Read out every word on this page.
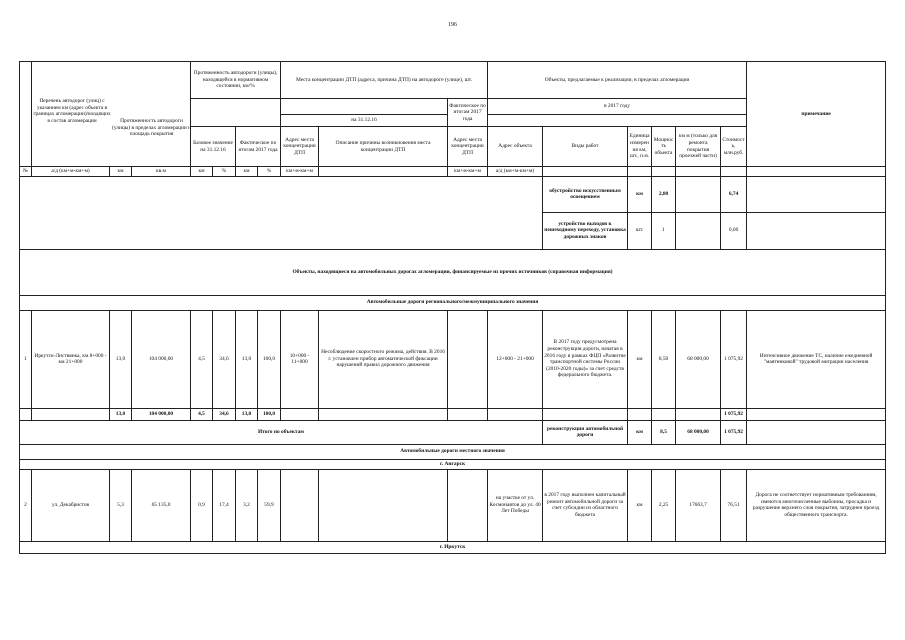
196
				Протяженность автодороги (улицы), находящейся в нормативном состоянии, км/%				Места концентрации ДТП (адреса, причина ДТП) на автодороге (улице), шт.			Объекты, предлагаемые к реализации, в пределах агломерации						примечание
										Фактическое по итогам 2017 года	в 2017 году						
								на 31.12.16									
				Базовое значение на 31.12.16		Фактическое по итогам 2017 года		Адрес места концентрации ДТП	Описание причины возникновения места концентрации ДТП	Адрес места концентрации ДТП	Адрес объекта	Виды работ	Единица измерения км, шт., п.м.	Мощность объекта	км м (только для ремонта покрытия проезжей части)	Стоимость, млн.руб.	
№	а/д (км+м-км+м)	км	кв.м	км	%	км	%	км+м-км+м		км+м-км+м	а/д (км+м-км+м)						
												обустройство искусственным освещением	км	2,80		6,74	
												устройство выходов к пешеходному переходу, установка дорожных знаков	шт.	1		0,00	
Объекты, находящиеся на автомобильных дорогах агломерации, финансируемые из прочих источников (справочная информация)																	
Автомобильные дороги регионального/межмуниципального значения																	
1	Иркутск-Листвянка, км 8+000 - км 21+000	13,0	104 000,00	4,5	34,6	13,0	100,0	10+000 - 11+000	Несоблюдение скоростного режима, действия. В 2016 г. установлен прибор автоматической фиксации нарушений правил дорожного движения		12+000 - 21+000	В 2017 году предусмотрена реконструкция дороги, начатая в 2016 году в рамках ФЦП «Развитие транспортной системы России (2010-2020 годы)» за счет средств федерального бюджета.	км	8,50	68 000,00	1 075,92	Интенсивное движение ТС, наличие ежедневной "маятниковой" трудовой миграции населения
		13,0	104 000,00	4,5	34,6	13,0	100,0									1 075,92	
Итого по объектам												реконструкция автомобильной дороги	км	8,5	68 000,00	1 075,92	
Автомобильные дороги местного значения																	
г. Ангарск																	
2	ул. Декабристов	5,3	65 135,0	0,9	17,4	3,2	59,9				на участке от ул. Космонавтов до ул. 40 Лет Победы	в 2017 году выполнен капитальный ремонт автомобильной дороги за счет субсидии из областного бюджета	км	2,25	17663,7	76,51	Дорога не соответствует нормативным требованиям, имеются многочисленные выбоины, просадка и разрушение верхнего слоя покрытия, затруднен проезд общественного транспорта.
г. Иркутск																	
Перечень автодорог (улиц) с указанием км (адрес объекта в границах агломерации)/входящих в состав агломерации	Протяженность автодороги (улицы) в пределах агломерации и площадь покрытия
